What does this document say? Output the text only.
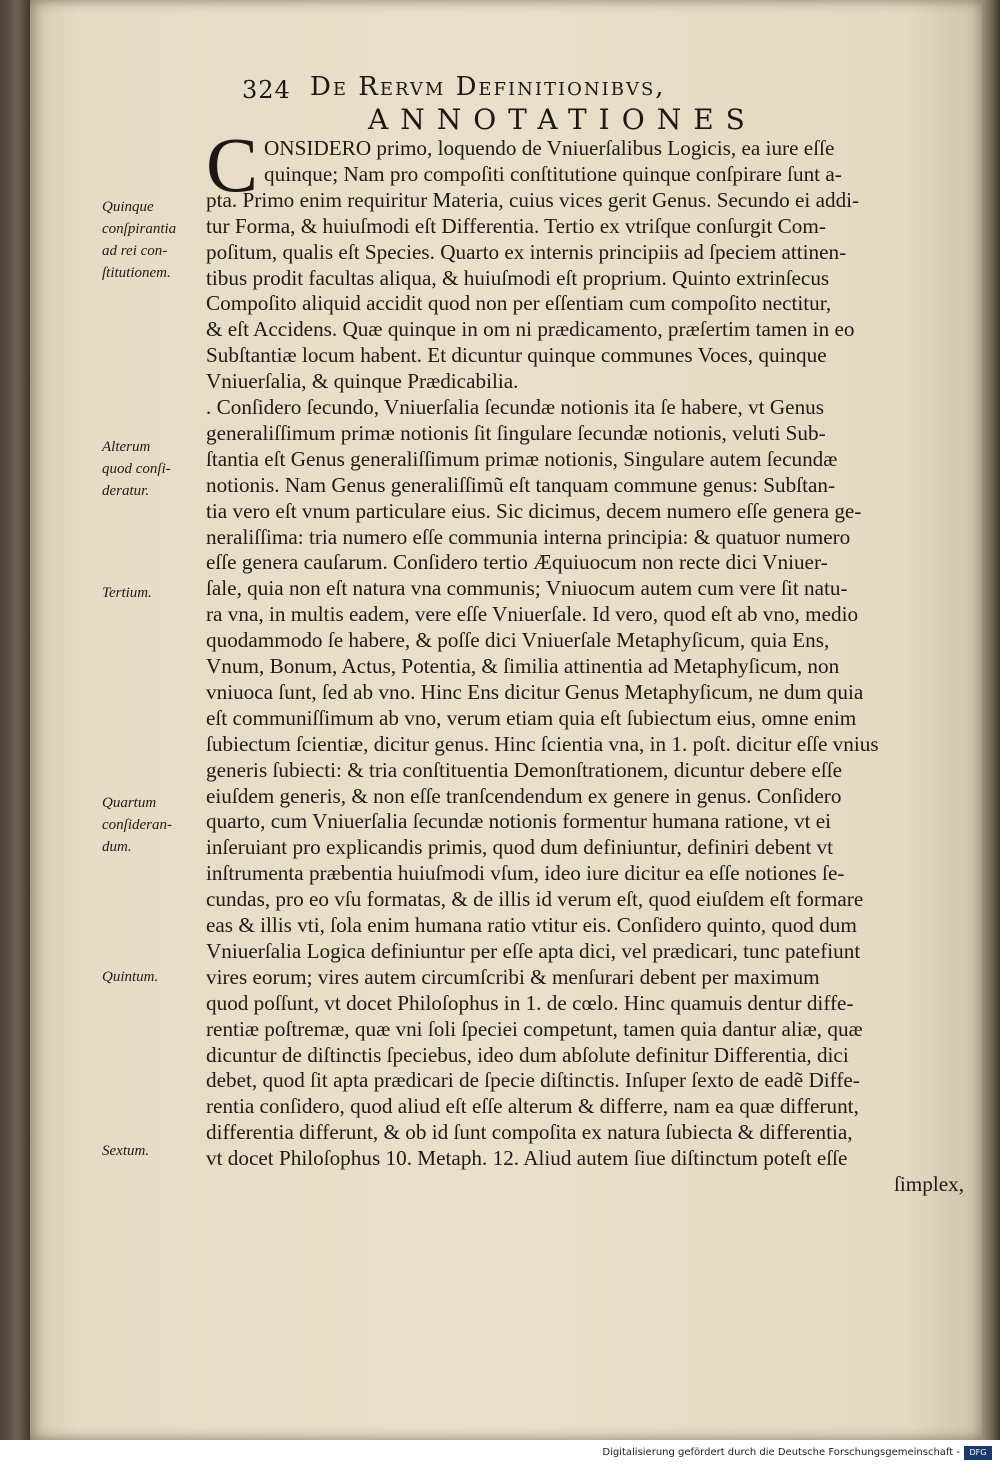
324 De Rervm Definitionibvs,
ANNOTATIONES
C ONSIDERO primo, loquendo de Vniuerſalibus Logicis, ea iure eſſe
quinque; Nam pro compoſiti conſtitutione quinque conſpirare ſunt a-
pta. Primo enim requiritur Materia, cuius vices gerit Genus. Secundo ei addi-
tur Forma, & huiuſmodi eſt Differentia. Tertio ex vtriſque conſurgit Com-
poſitum, qualis eſt Species. Quarto ex internis principiis ad ſpeciem attinen-
tibus prodit facultas aliqua, & huiuſmodi eſt proprium. Quinto extrinſecus
Compoſito aliquid accidit quod non per eſſentiam cum compoſito nectitur,
& eſt Accidens. Quæ quinque in om ni prædicamento, præſertim tamen in eo
Subſtantiæ locum habent. Et dicuntur quinque communes Voces, quinque
Vniuerſalia, & quinque Prædicabilia.
. Conſidero ſecundo, Vniuerſalia ſecundæ notionis ita ſe habere, vt Genus
generaliſſimum primæ notionis ſit ſingulare ſecundæ notionis, veluti Sub-
ſtantia eſt Genus generaliſſimum primæ notionis, Singulare autem ſecundæ
notionis. Nam Genus generaliſſimũ eſt tanquam commune genus: Subſtan-
tia vero eſt vnum particulare eius. Sic dicimus, decem numero eſſe genera ge-
neraliſſima: tria numero eſſe communia interna principia: & quatuor numero
eſſe genera cauſarum. Conſidero tertio Æquiuocum non recte dici Vniuer-
ſale, quia non eſt natura vna communis; Vniuocum autem cum vere ſit natu-
ra vna, in multis eadem, vere eſſe Vniuerſale. Id vero, quod eſt ab vno, medio
quodammodo ſe habere, & poſſe dici Vniuerſale Metaphyſicum, quia Ens,
Vnum, Bonum, Actus, Potentia, & ſimilia attinentia ad Metaphyſicum, non
vniuoca ſunt, ſed ab vno. Hinc Ens dicitur Genus Metaphyſicum, ne dum quia
eſt communiſſimum ab vno, verum etiam quia eſt ſubiectum eius, omne enim
ſubiectum ſcientiæ, dicitur genus. Hinc ſcientia vna, in 1. poſt. dicitur eſſe vnius
generis ſubiecti: & tria conſtituentia Demonſtrationem, dicuntur debere eſſe
eiuſdem generis, & non eſſe tranſcendendum ex genere in genus. Conſidero
quarto, cum Vniuerſalia ſecundæ notionis formentur humana ratione, vt ei
inſeruiant pro explicandis primis, quod dum definiuntur, definiri debent vt
inſtrumenta præbentia huiuſmodi vſum, ideo iure dicitur ea eſſe notiones ſe-
cundas, pro eo vſu formatas, & de illis id verum eſt, quod eiuſdem eſt formare
eas & illis vti, ſola enim humana ratio vtitur eis. Conſidero quinto, quod dum
Vniuerſalia Logica definiuntur per eſſe apta dici, vel prædicari, tunc patefiunt
vires eorum; vires autem circumſcribi & menſurari debent per maximum
quod poſſunt, vt docet Philoſophus in 1. de cœlo. Hinc quamuis dentur diffe-
rentiæ poſtremæ, quæ vni ſoli ſpeciei competunt, tamen quia dantur aliæ, quæ
dicuntur de diſtinctis ſpeciebus, ideo dum abſolute definitur Differentia, dici
debet, quod ſit apta prædicari de ſpecie diſtinctis. Inſuper ſexto de eadẽ Diffe-
rentia conſidero, quod aliud eſt eſſe alterum & differre, nam ea quæ differunt,
differentia differunt, & ob id ſunt compoſita ex natura ſubiecta & differentia,
vt docet Philoſophus 10. Metaph. 12. Aliud autem ſiue diſtinctum poteſt eſſe
ſimplex,
Quinque
conſpirantia
ad rei con-
ſtitutionem.
Alterum
quod conſi-
deratur.
Tertium.
Quartum
conſideran-
dum.
Quintum.
Sextum.
Digitalisierung gefördert durch die Deutsche Forschungsgemeinschaft -	DFG
